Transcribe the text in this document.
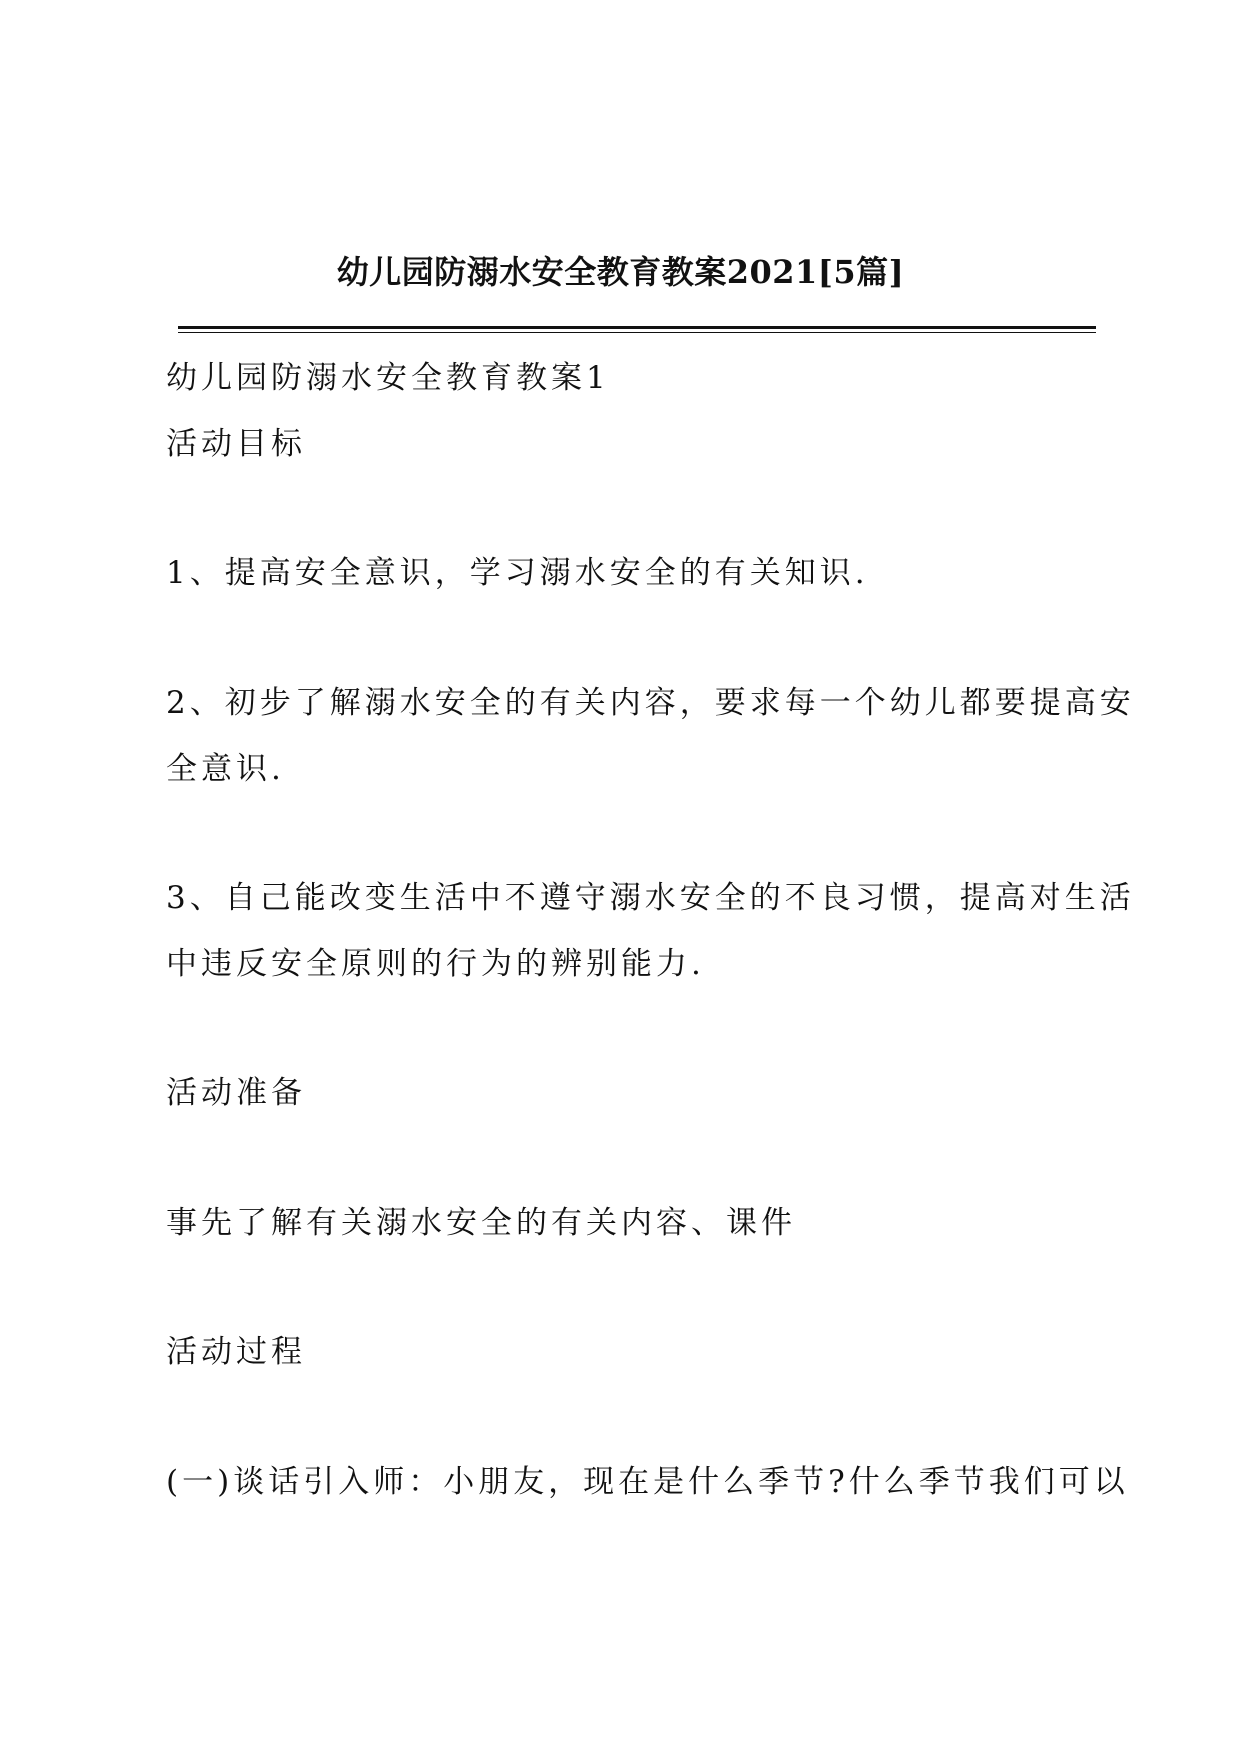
幼儿园防溺水安全教育教案2021[5篇]
幼儿园防溺水安全教育教案1
活动目标
1、提高安全意识，学习溺水安全的有关知识.
2、初步了解溺水安全的有关内容，要求每一个幼儿都要提高安
全意识.
3、自己能改变生活中不遵守溺水安全的不良习惯，提高对生活
中违反安全原则的行为的辨别能力.
活动准备
事先了解有关溺水安全的有关内容、课件
活动过程
(一)谈话引入师：小朋友，现在是什么季节?什么季节我们可以
